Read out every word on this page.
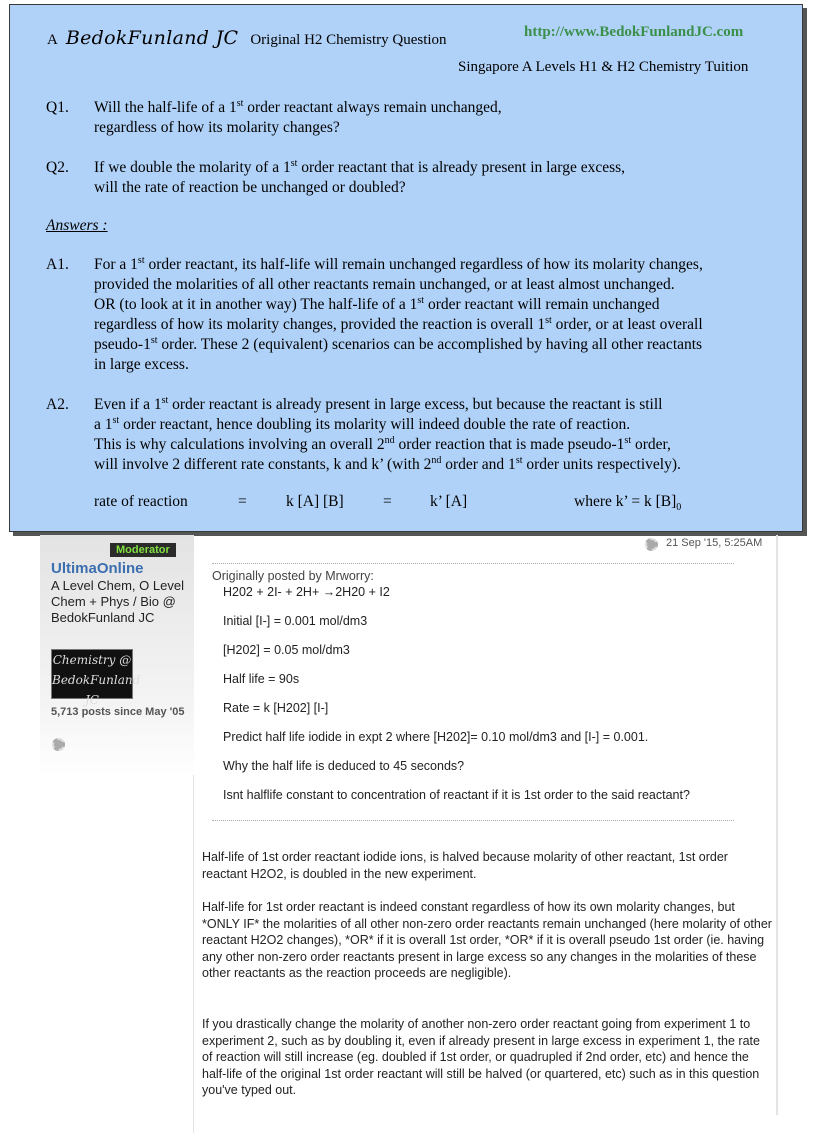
A BedokFunland JC Original H2 Chemistry Question	http://www.BedokFunlandJC.com
Singapore A Levels H1 & H2 Chemistry Tuition
Q1.	Will the half-life of a 1st order reactant always remain unchanged,
regardless of how its molarity changes?
Q2.	If we double the molarity of a 1st order reactant that is already present in large excess,
will the rate of reaction be unchanged or doubled?
Answers :
A1.	For a 1st order reactant, its half-life will remain unchanged regardless of how its molarity changes,
provided the molarities of all other reactants remain unchanged, or at least almost unchanged.
OR (to look at it in another way) The half-life of a 1st order reactant will remain unchanged
regardless of how its molarity changes, provided the reaction is overall 1st order, or at least overall
pseudo-1st order. These 2 (equivalent) scenarios can be accomplished by having all other reactants
in large excess.
A2.	Even if a 1st order reactant is already present in large excess, but because the reactant is still
a 1st order reactant, hence doubling its molarity will indeed double the rate of reaction.
This is why calculations involving an overall 2nd order reaction that is made pseudo-1st order,
will involve 2 different rate constants, k and k’ (with 2nd order and 1st order units respectively).
rate of reaction	=	k [A] [B]	= k’ [A]	where k’ = k $[B]_0$
Moderator
UltimaOnline
A Level Chem, O Level Chem + Phys / Bio @ BedokFunland JC
Chemistry @
BedokFunland JC
5,713 posts since May '05
21 Sep '15, 5:25AM
Originally posted by Mrworry:
H202 + 2I- + 2H+ →2H20 + I2
Initial [I-] = 0.001 mol/dm3
[H202] = 0.05 mol/dm3
Half life = 90s
Rate = k [H202] [I-]
Predict half life iodide in expt 2 where [H202]= 0.10 mol/dm3 and [I-] = 0.001.
Why the half life is deduced to 45 seconds?
Isnt halflife constant to concentration of reactant if it is 1st order to the said reactant?
Half-life of 1st order reactant iodide ions, is halved because molarity of other reactant, 1st order reactant H2O2, is doubled in the new experiment.
Half-life for 1st order reactant is indeed constant regardless of how its own molarity changes, but *ONLY IF* the molarities of all other non-zero order reactants remain unchanged (here molarity of other reactant H2O2 changes), *OR* if it is overall 1st order, *OR* if it is overall pseudo 1st order (ie. having any other non-zero order reactants present in large excess so any changes in the molarities of these other reactants as the reaction proceeds are negligible).
If you drastically change the molarity of another non-zero order reactant going from experiment 1 to experiment 2, such as by doubling it, even if already present in large excess in experiment 1, the rate of reaction will still increase (eg. doubled if 1st order, or quadrupled if 2nd order, etc) and hence the half-life of the original 1st order reactant will still be halved (or quartered, etc) such as in this question you've typed out.
